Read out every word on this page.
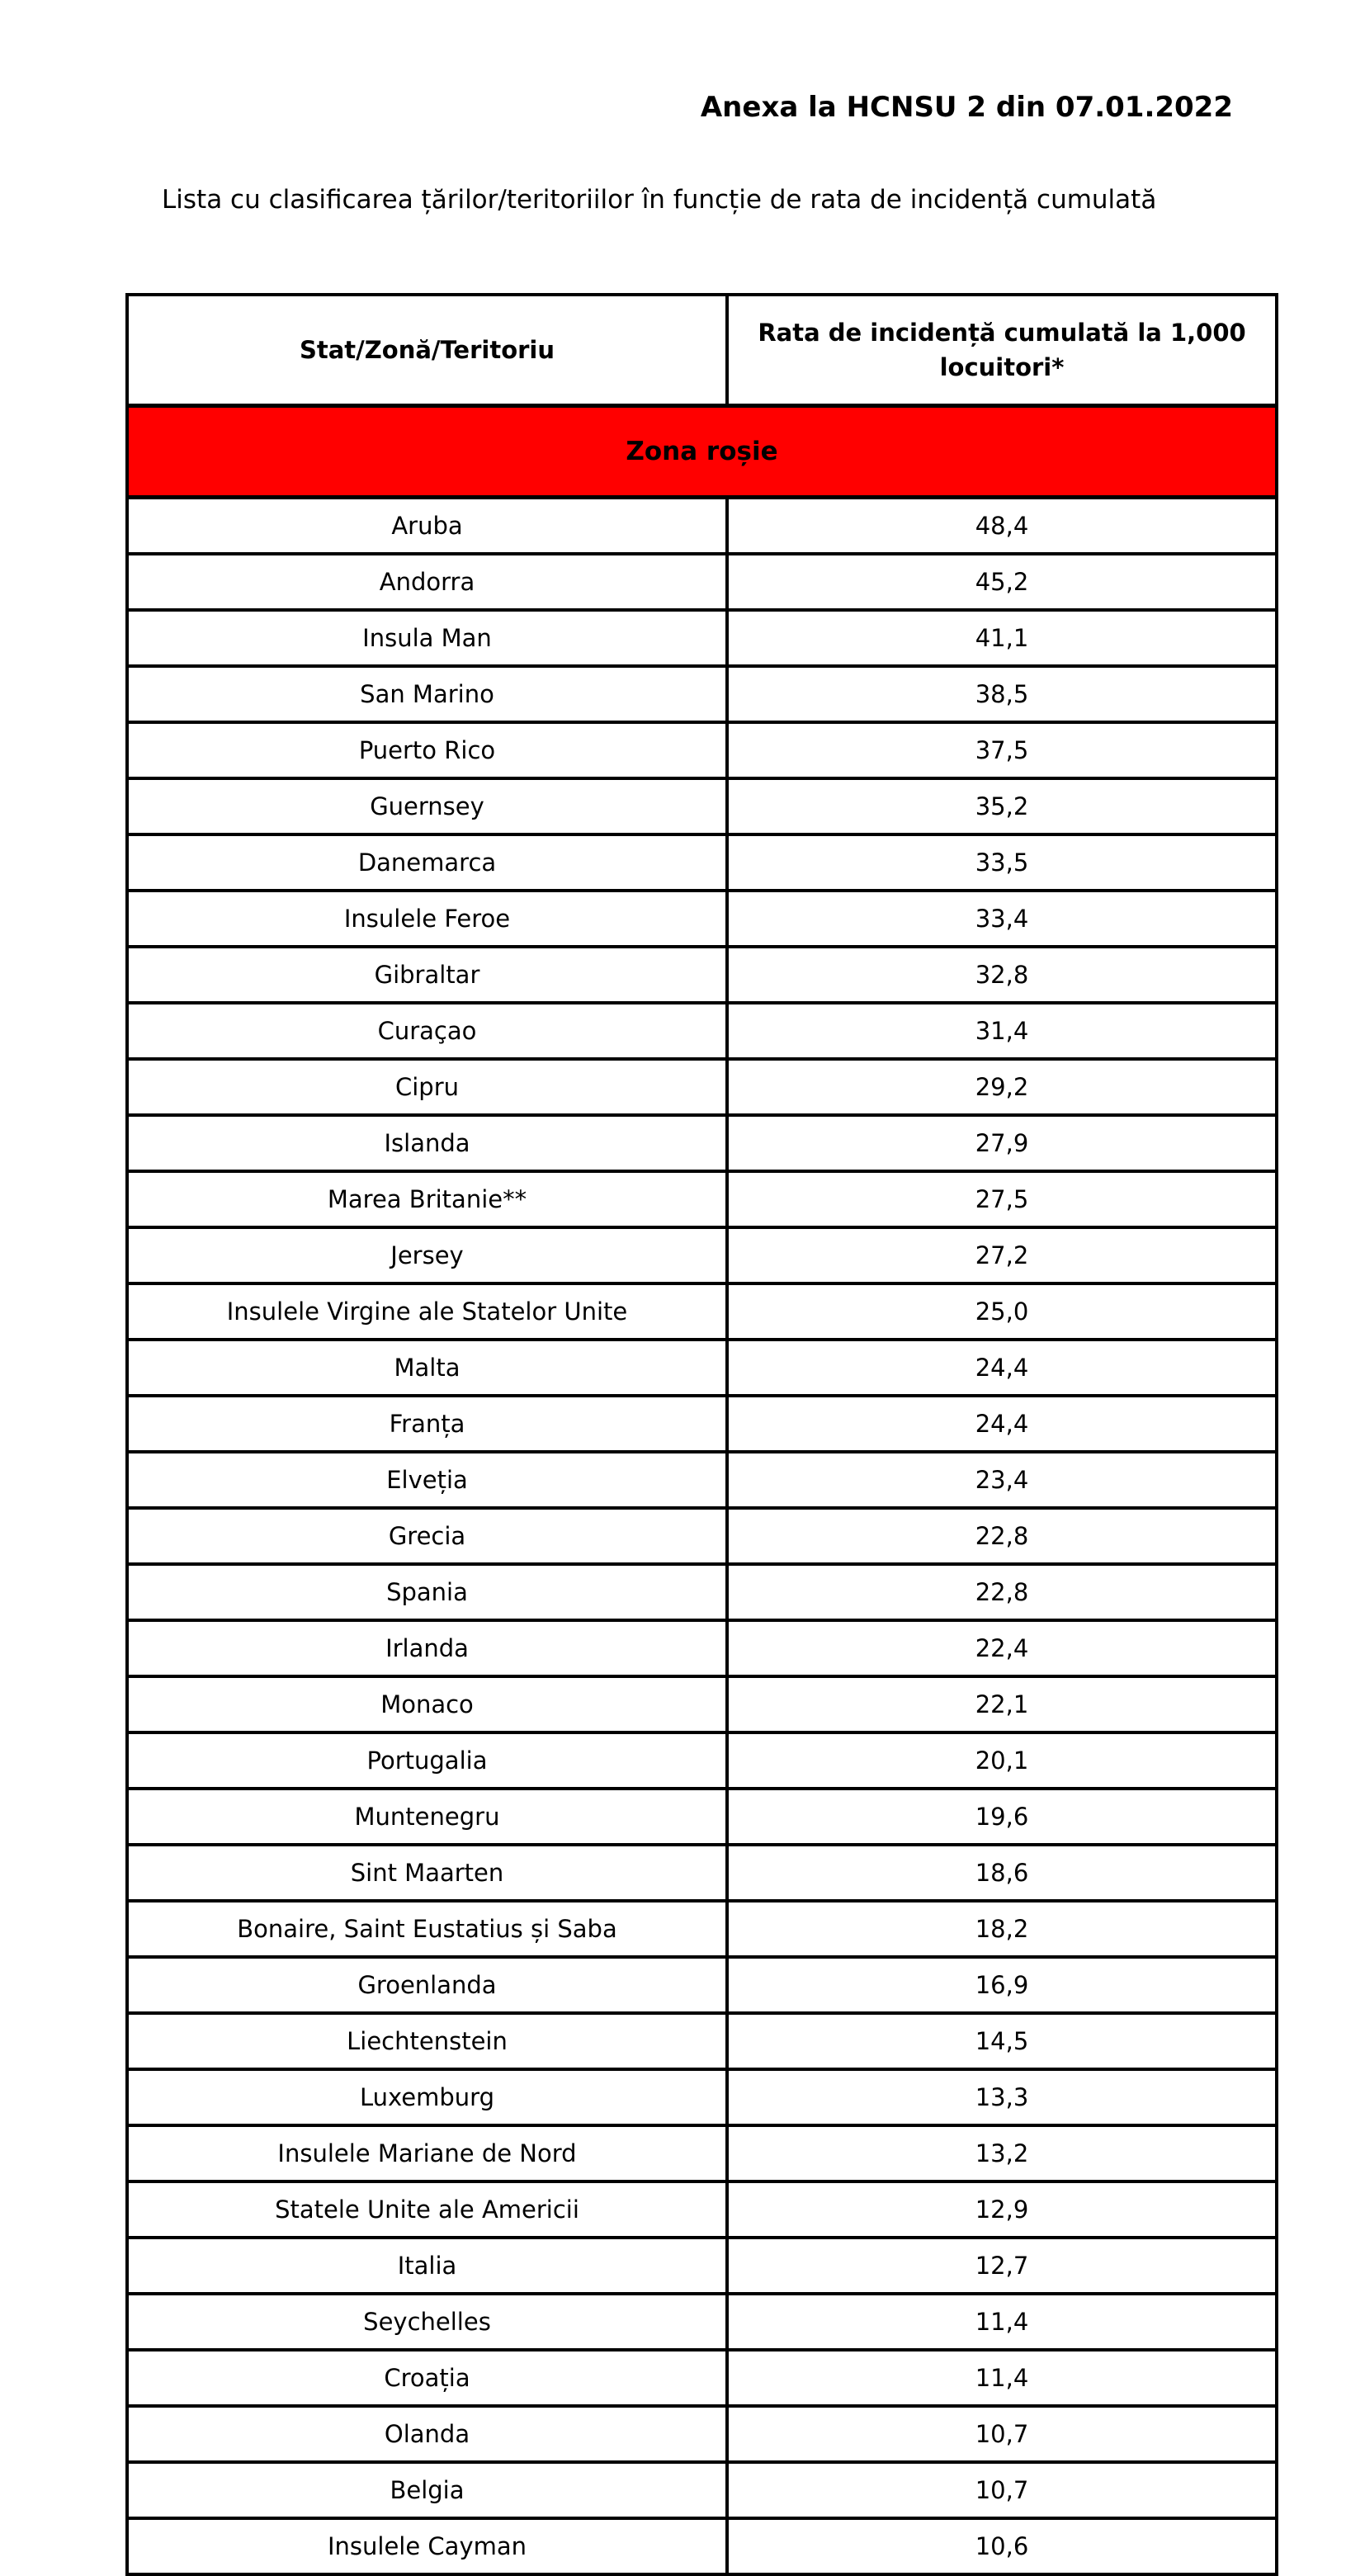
Anexa la HCNSU 2 din 07.01.2022
Lista cu clasificarea țărilor/teritoriilor în funcție de rata de incidență cumulată
Stat/Zonă/Teritoriu	Rata de incidență cumulată la 1,000 locuitori*
Zona roșie	
Aruba	48,4
Andorra	45,2
Insula Man	41,1
San Marino	38,5
Puerto Rico	37,5
Guernsey	35,2
Danemarca	33,5
Insulele Feroe	33,4
Gibraltar	32,8
Curaçao	31,4
Cipru	29,2
Islanda	27,9
Marea Britanie**	27,5
Jersey	27,2
Insulele Virgine ale Statelor Unite	25,0
Malta	24,4
Franța	24,4
Elveția	23,4
Grecia	22,8
Spania	22,8
Irlanda	22,4
Monaco	22,1
Portugalia	20,1
Muntenegru	19,6
Sint Maarten	18,6
Bonaire, Saint Eustatius și Saba	18,2
Groenlanda	16,9
Liechtenstein	14,5
Luxemburg	13,3
Insulele Mariane de Nord	13,2
Statele Unite ale Americii	12,9
Italia	12,7
Seychelles	11,4
Croația	11,4
Olanda	10,7
Belgia	10,7
Insulele Cayman	10,6
